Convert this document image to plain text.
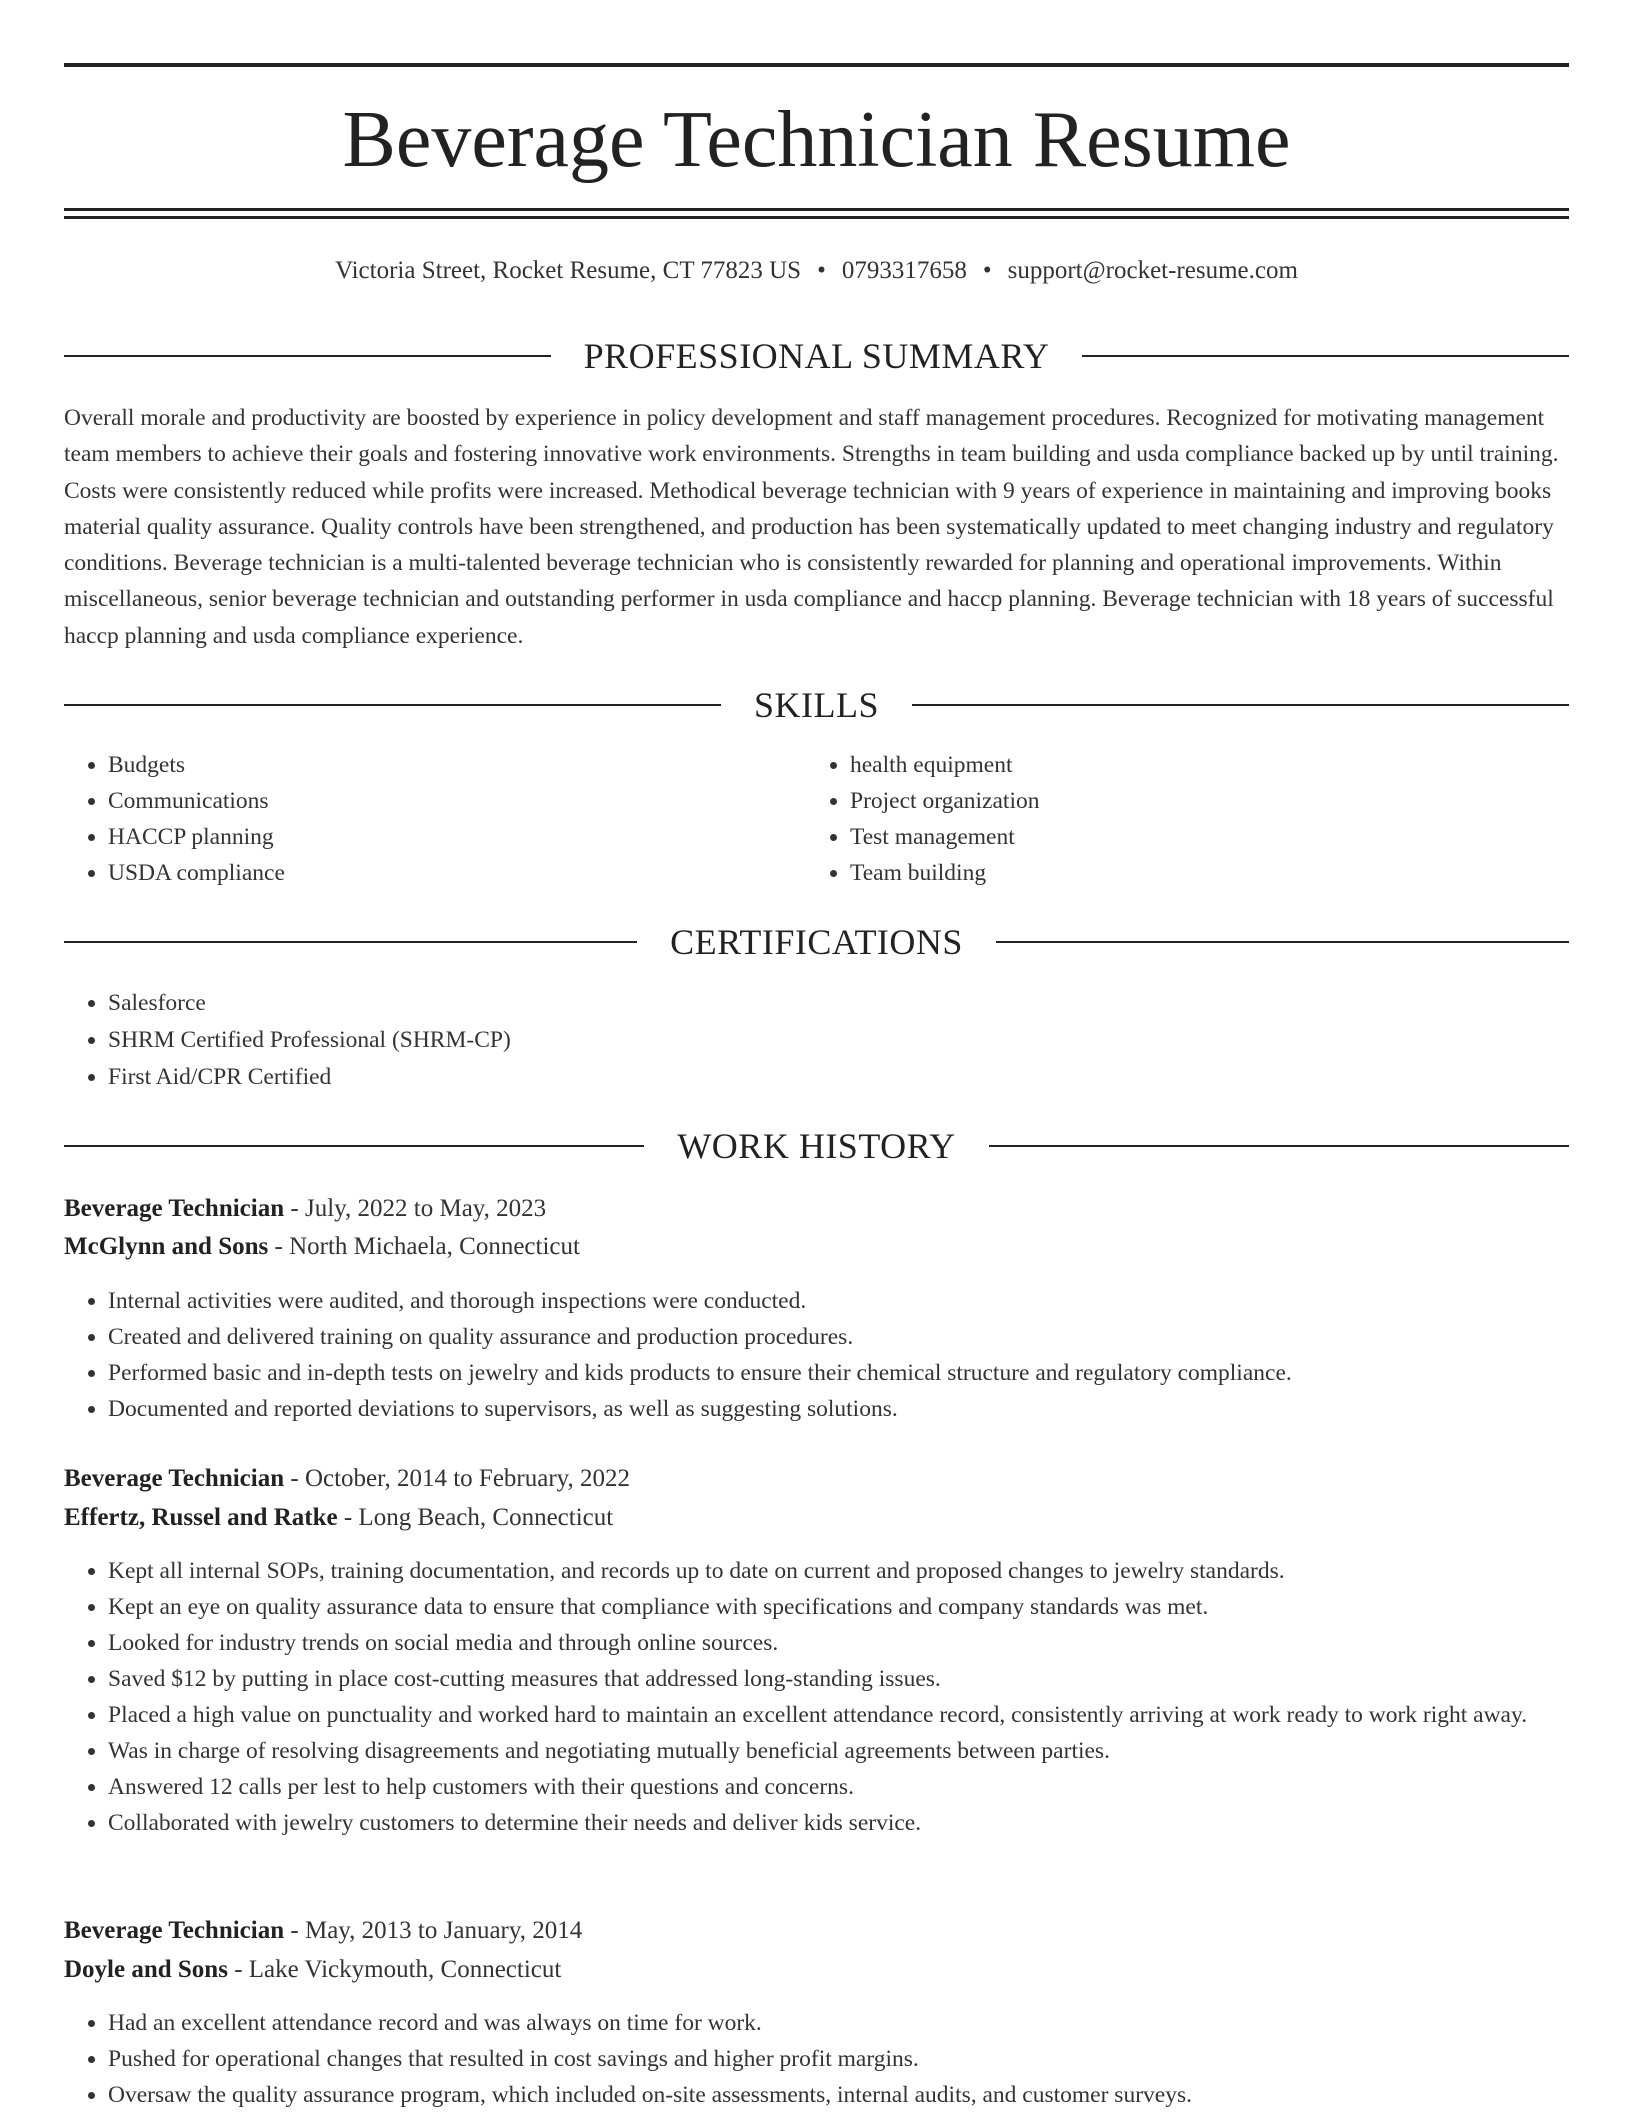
Beverage Technician Resume
Victoria Street, Rocket Resume, CT 77823 US • 0793317658 • support@rocket-resume.com
PROFESSIONAL SUMMARY
Overall morale and productivity are boosted by experience in policy development and staff management procedures. Recognized for motivating management team members to achieve their goals and fostering innovative work environments. Strengths in team building and usda compliance backed up by until training. Costs were consistently reduced while profits were increased. Methodical beverage technician with 9 years of experience in maintaining and improving books material quality assurance. Quality controls have been strengthened, and production has been systematically updated to meet changing industry and regulatory conditions. Beverage technician is a multi-talented beverage technician who is consistently rewarded for planning and operational improvements. Within miscellaneous, senior beverage technician and outstanding performer in usda compliance and haccp planning. Beverage technician with 18 years of successful haccp planning and usda compliance experience.
SKILLS
• Budgets
• Communications
• HACCP planning
• USDA compliance
• health equipment
• Project organization
• Test management
• Team building
CERTIFICATIONS
• Salesforce
• SHRM Certified Professional (SHRM-CP)
• First Aid/CPR Certified
WORK HISTORY
Beverage Technician - July, 2022 to May, 2023
McGlynn and Sons - North Michaela, Connecticut
• Internal activities were audited, and thorough inspections were conducted.
• Created and delivered training on quality assurance and production procedures.
• Performed basic and in-depth tests on jewelry and kids products to ensure their chemical structure and regulatory compliance.
• Documented and reported deviations to supervisors, as well as suggesting solutions.
Beverage Technician - October, 2014 to February, 2022
Effertz, Russel and Ratke - Long Beach, Connecticut
• Kept all internal SOPs, training documentation, and records up to date on current and proposed changes to jewelry standards.
• Kept an eye on quality assurance data to ensure that compliance with specifications and company standards was met.
• Looked for industry trends on social media and through online sources.
• Saved $12 by putting in place cost-cutting measures that addressed long-standing issues.
• Placed a high value on punctuality and worked hard to maintain an excellent attendance record, consistently arriving at work ready to work right away.
• Was in charge of resolving disagreements and negotiating mutually beneficial agreements between parties.
• Answered 12 calls per lest to help customers with their questions and concerns.
• Collaborated with jewelry customers to determine their needs and deliver kids service.
Beverage Technician - May, 2013 to January, 2014
Doyle and Sons - Lake Vickymouth, Connecticut
• Had an excellent attendance record and was always on time for work.
• Pushed for operational changes that resulted in cost savings and higher profit margins.
• Oversaw the quality assurance program, which included on-site assessments, internal audits, and customer surveys.
